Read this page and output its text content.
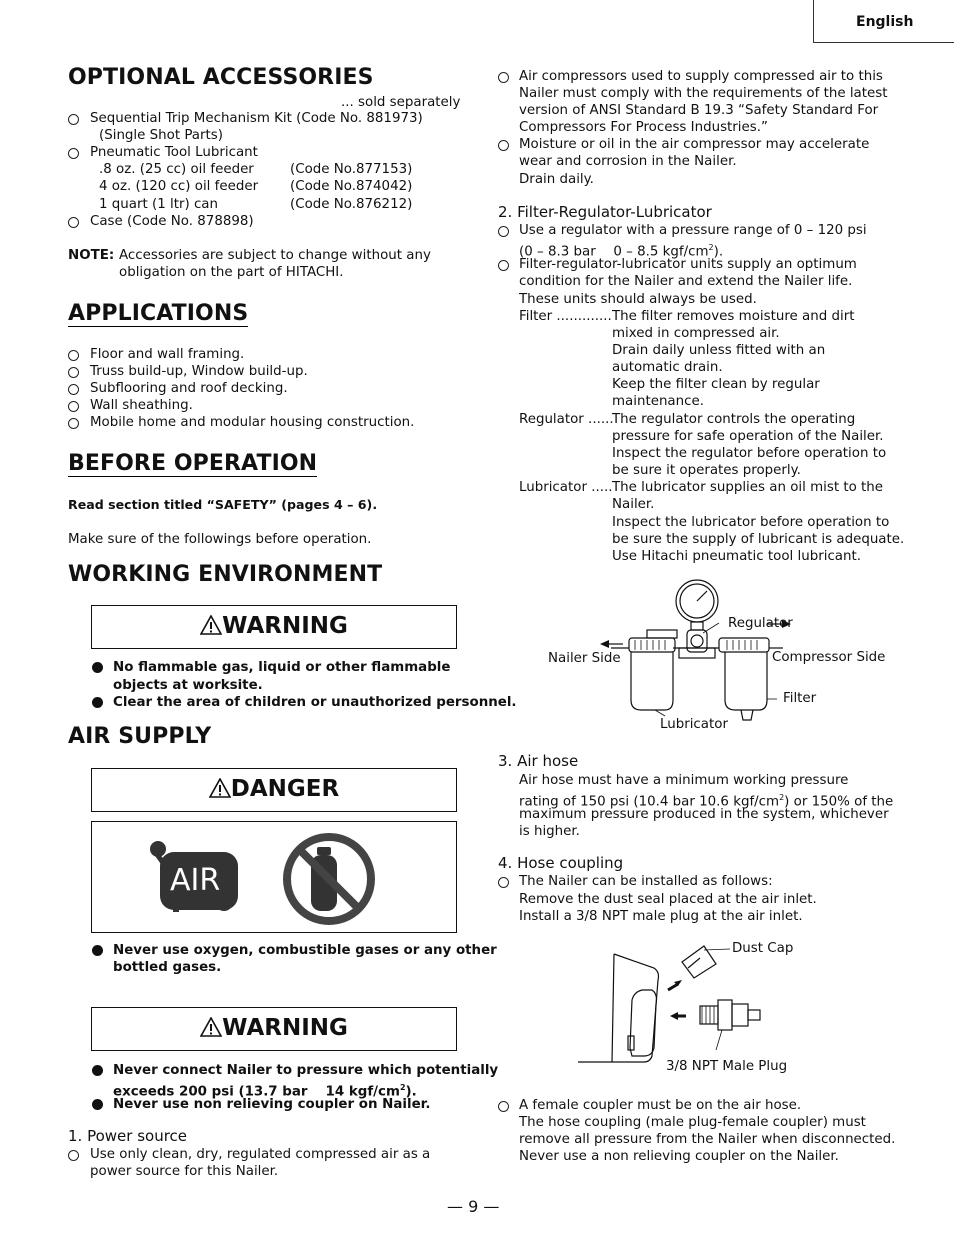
English
OPTIONAL ACCESSORIES
... sold separately
Sequential Trip Mechanism Kit (Code No. 881973)
(Single Shot Parts)
Pneumatic Tool Lubricant
.8 oz. (25 cc) oil feeder	(Code No.877153)
4 oz. (120 cc) oil feeder (Code No.874042)
1 quart (1 ltr) can	(Code No.876212)
Case (Code No. 878898)
NOTE: Accessories are subject to change without any
obligation on the part of HITACHI.
APPLICATIONS
Floor and wall framing.
Truss build-up, Window build-up.
Subflooring and roof decking.
Wall sheathing.
Mobile home and modular housing construction.
BEFORE OPERATION
Read section titled “SAFETY” (pages 4 – 6).
Make sure of the followings before operation.
WORKING ENVIRONMENT
WARNING
No flammable gas, liquid or other flammable
objects at worksite.
Clear the area of children or unauthorized personnel.
AIR SUPPLY
DANGER
AIR
Never use oxygen, combustible gases or any other
bottled gases.
WARNING
Never connect Nailer to pressure which potentially
exceeds 200 psi (13.7 bar  14 kgf/$cm^2$).
Never use non relieving coupler on Nailer.
1. Power source
Use only clean, dry, regulated compressed air as a
power source for this Nailer.
Air compressors used to supply compressed air to this
Nailer must comply with the requirements of the latest
version of ANSI Standard B 19.3 “Safety Standard For
Compressors For Process Industries.”
Moisture or oil in the air compressor may accelerate
wear and corrosion in the Nailer.
Drain daily.
2. Filter-Regulator-Lubricator
Use a regulator with a pressure range of 0 – 120 psi
(0 – 8.3 bar  0 – 8.5 kgf/$cm^2$).
Filter-regulator-lubricator units supply an optimum
condition for the Nailer and extend the Nailer life.
These units should always be used.
Filter ............. The filter removes moisture and dirt
mixed in compressed air.
Drain daily unless fitted with an
automatic drain.
Keep the filter clean by regular
maintenance.
Regulator ......
The regulator controls the operating
pressure for safe operation of the Nailer.
Inspect the regulator before operation to
be sure it operates properly.
Lubricator ..... The lubricator supplies an oil mist to the
Nailer.
Inspect the lubricator before operation to
be sure the supply of lubricant is adequate.
Use Hitachi pneumatic tool lubricant.
Regulator
Nailer Side	Compressor Side
Filter
Lubricator
3. Air hose
Air hose must have a minimum working pressure
rating of 150 psi (10.4 bar 10.6 kgf/$cm^2$) or 150% of the
maximum pressure produced in the system, whichever
is higher.
4. Hose coupling
The Nailer can be installed as follows:
Remove the dust seal placed at the air inlet.
Install a 3/8 NPT male plug at the air inlet.
Dust Cap
3/8 NPT Male Plug
A female coupler must be on the air hose.
The hose coupling (male plug-female coupler) must
remove all pressure from the Nailer when disconnected.
Never use a non relieving coupler on the Nailer.
— 9 —
